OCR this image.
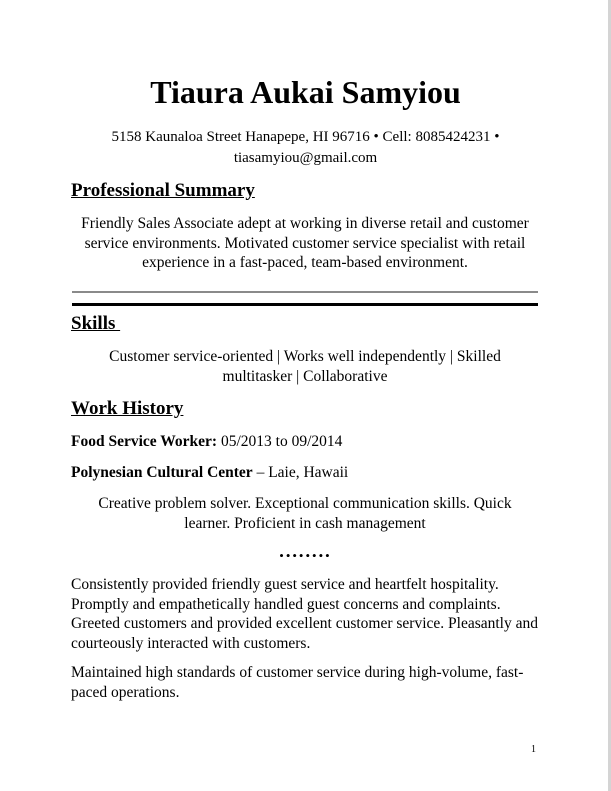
Tiaura Aukai Samyiou
5158 Kaunaloa Street Hanapepe, HI 96716 • Cell: 8085424231 •
tiasamyiou@gmail.com
Professional Summary
Friendly Sales Associate adept at working in diverse retail and customer service environments. Motivated customer service specialist with retail experience in a fast-paced, team-based environment.
Skills
Customer service-oriented | Works well independently | Skilled multitasker | Collaborative
Work History
Food Service Worker: 05/2013 to 09/2014
Polynesian Cultural Center – Laie, Hawaii
Creative problem solver. Exceptional communication skills. Quick learner. Proficient in cash management
••••••••
Consistently provided friendly guest service and heartfelt hospitality. Promptly and empathetically handled guest concerns and complaints. Greeted customers and provided excellent customer service. Pleasantly and courteously interacted with customers.
Maintained high standards of customer service during high-volume, fast-paced operations.
1
